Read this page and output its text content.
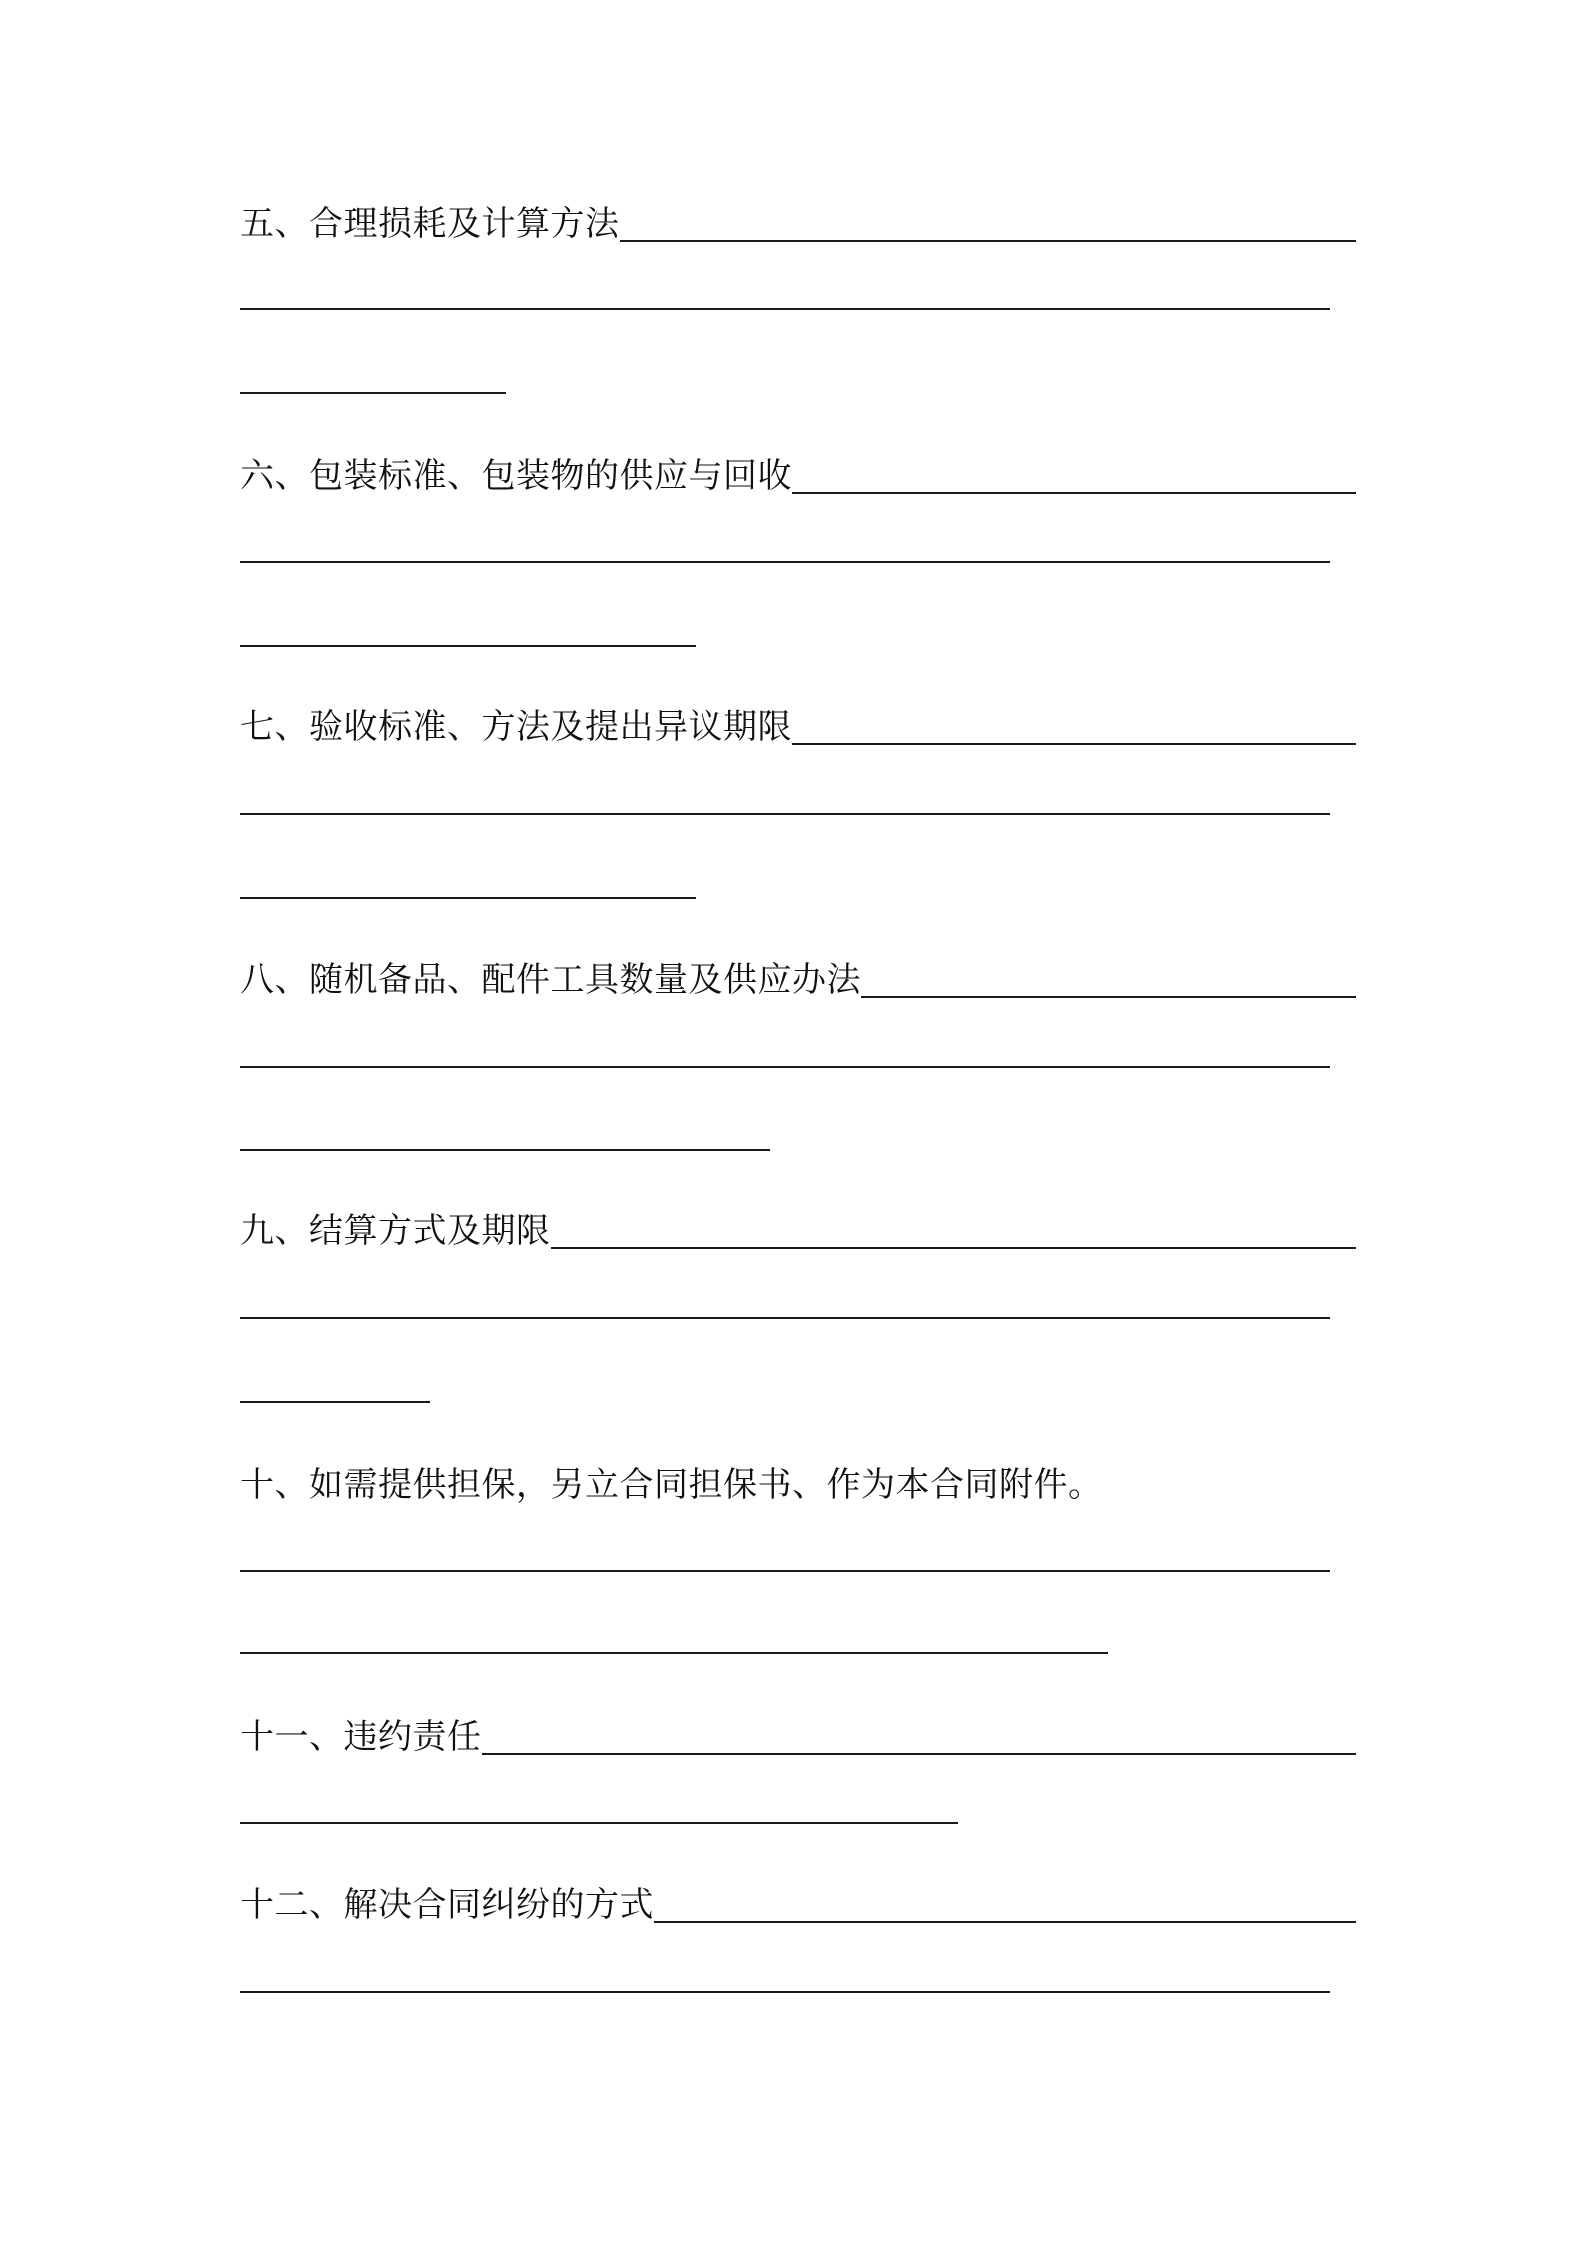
五、合理损耗及计算方法
六、包装标准、包装物的供应与回收
七、验收标准、方法及提出异议期限
八、随机备品、配件工具数量及供应办法
九、结算方式及期限
十、如需提供担保，另立合同担保书、作为本合同附件。
十一、违约责任
十二、解决合同纠纷的方式
